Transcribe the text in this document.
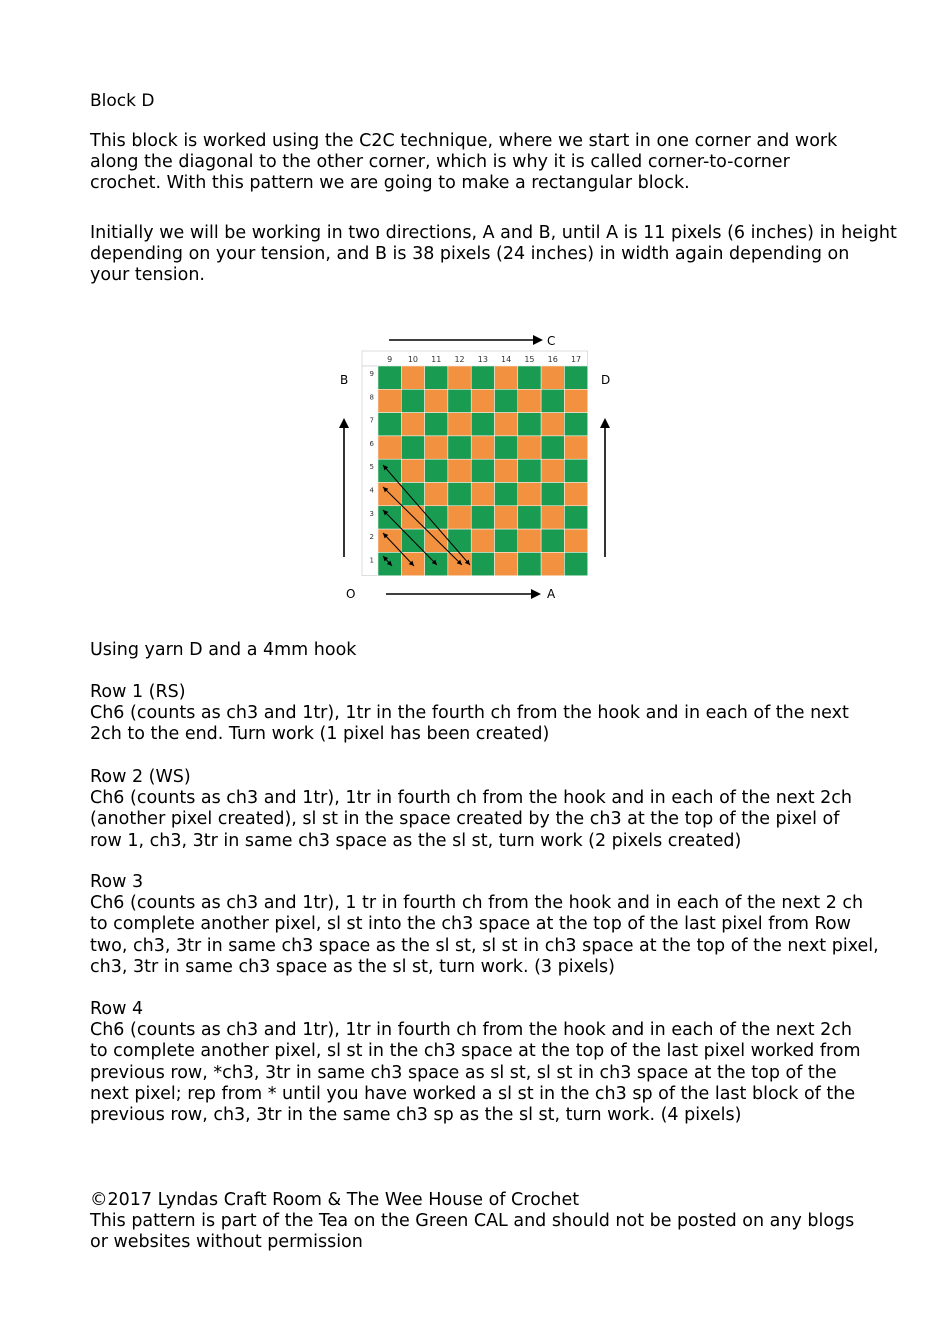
Block D
This block is worked using the C2C technique, where we start in one corner and work
along the diagonal to the other corner, which is why it is called corner-to-corner
crochet. With this pattern we are going to make a rectangular block.
Initially we will be working in two directions, A and B, until A is 11 pixels (6 inches) in height
depending on your tension, and B is 38 pixels (24 inches) in width again depending on
your tension.
9 10 11 12 13 14 15 16 17
9
8
7
6
5
4
3
2
1
C
B	D
A
O
Using yarn D and a 4mm hook
Row 1 (RS)
Ch6 (counts as ch3 and 1tr), 1tr in the fourth ch from the hook and in each of the next
2ch to the end. Turn work (1 pixel has been created)
Row 2 (WS)
Ch6 (counts as ch3 and 1tr), 1tr in fourth ch from the hook and in each of the next 2ch
(another pixel created), sl st in the space created by the ch3 at the top of the pixel of
row 1, ch3, 3tr in same ch3 space as the sl st, turn work (2 pixels created)
Row 3
Ch6 (counts as ch3 and 1tr), 1 tr in fourth ch from the hook and in each of the next 2 ch
to complete another pixel, sl st into the ch3 space at the top of the last pixel from Row
two, ch3, 3tr in same ch3 space as the sl st, sl st in ch3 space at the top of the next pixel,
ch3, 3tr in same ch3 space as the sl st, turn work. (3 pixels)
Row 4
Ch6 (counts as ch3 and 1tr), 1tr in fourth ch from the hook and in each of the next 2ch
to complete another pixel, sl st in the ch3 space at the top of the last pixel worked from
previous row, *ch3, 3tr in same ch3 space as sl st, sl st in ch3 space at the top of the
next pixel; rep from * until you have worked a sl st in the ch3 sp of the last block of the
previous row, ch3, 3tr in the same ch3 sp as the sl st, turn work. (4 pixels)
©2017 Lyndas Craft Room & The Wee House of Crochet
This pattern is part of the Tea on the Green CAL and should not be posted on any blogs
or websites without permission
